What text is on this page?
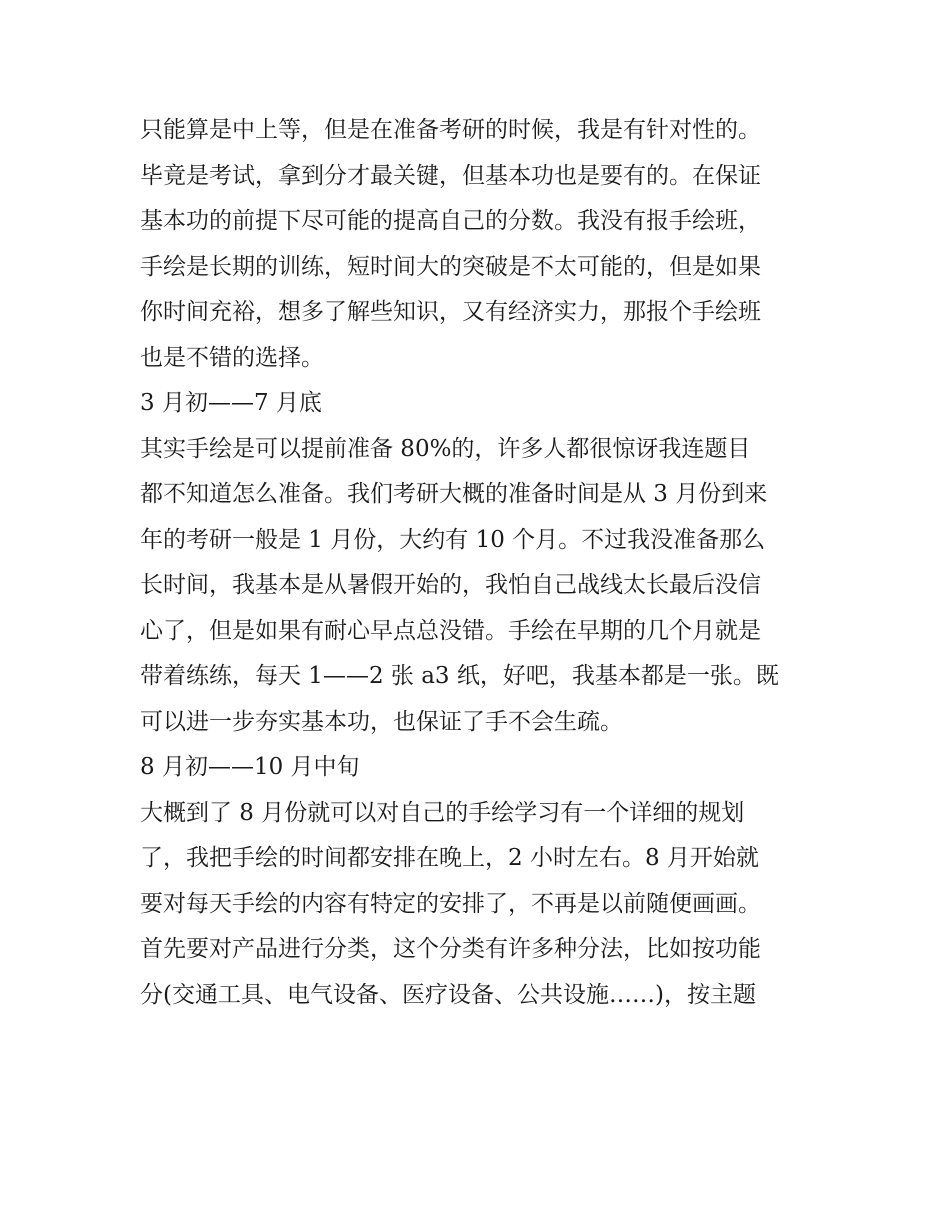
只能算是中上等，但是在准备考研的时候，我是有针对性的。
毕竟是考试，拿到分才最关键，但基本功也是要有的。在保证
基本功的前提下尽可能的提高自己的分数。我没有报手绘班，
手绘是长期的训练，短时间大的突破是不太可能的，但是如果
你时间充裕，想多了解些知识，又有经济实力，那报个手绘班
也是不错的选择。
3 月初——7 月底
其实手绘是可以提前准备 80%的，许多人都很惊讶我连题目
都不知道怎么准备。我们考研大概的准备时间是从 3 月份到来
年的考研一般是 1 月份，大约有 10 个月。不过我没准备那么
长时间，我基本是从暑假开始的，我怕自己战线太长最后没信
心了，但是如果有耐心早点总没错。手绘在早期的几个月就是
带着练练，每天 1——2 张 a3 纸，好吧，我基本都是一张。既
可以进一步夯实基本功，也保证了手不会生疏。
8 月初——10 月中旬
大概到了 8 月份就可以对自己的手绘学习有一个详细的规划
了，我把手绘的时间都安排在晚上，2 小时左右。8 月开始就
要对每天手绘的内容有特定的安排了，不再是以前随便画画。
首先要对产品进行分类，这个分类有许多种分法，比如按功能
分(交通工具、电气设备、医疗设备、公共设施……)，按主题
